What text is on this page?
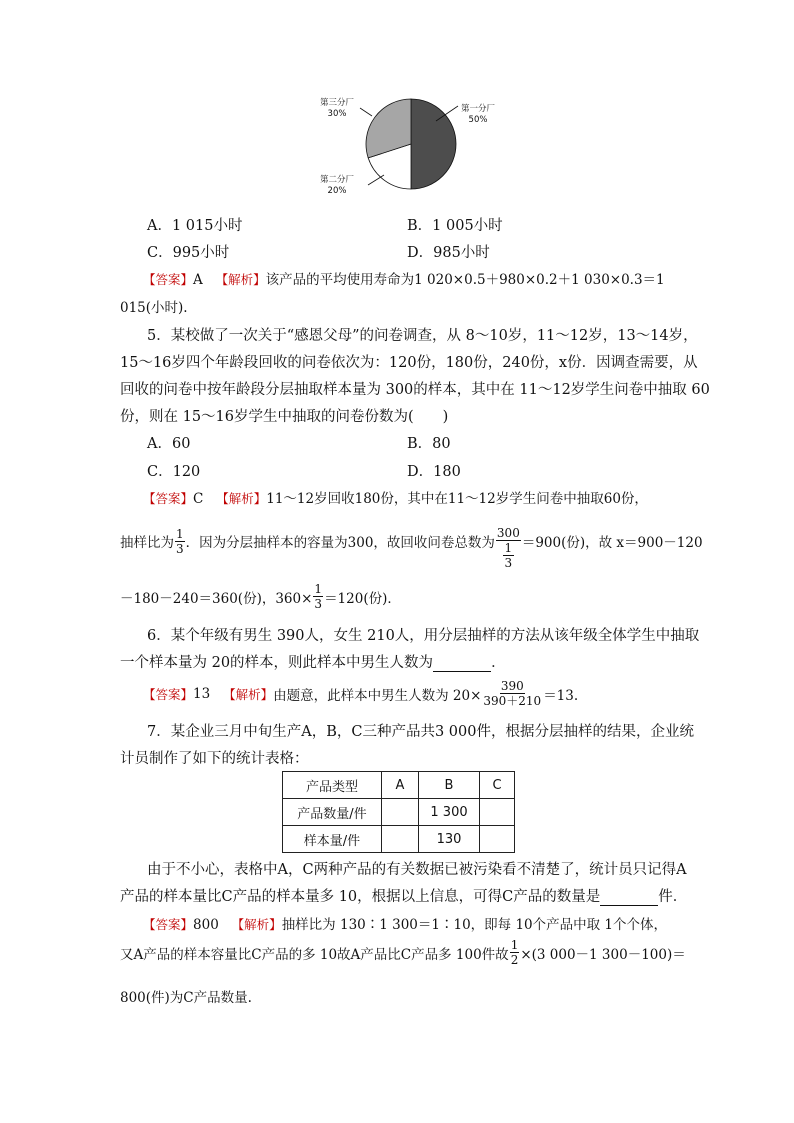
第一分厂
50%
第三分厂
30%
第二分厂
20%
A．1 015小时	B．1 005小时
C．995小时	D．985小时
【答案】A 【解析】该产品的平均使用寿命为1 020×0.5＋980×0.2＋1 030×0.3＝1
015(小时).
5．某校做了一次关于“感恩父母”的问卷调查，从 8～10岁，11～12岁，13～14岁，
15～16岁四个年龄段回收的问卷依次为：120份，180份，240份，x份．因调查需要，从
回收的问卷中按年龄段分层抽取样本量为 300的样本，其中在 11～12岁学生问卷中抽取 60
份，则在 15～16岁学生中抽取的问卷份数为(　　)
A．60	B．80
C．120	D．180
【答案】C 【解析】11～12岁回收180份，其中在11～12岁学生问卷中抽取60份，
抽样比为 $\frac{1}{3}$ ．因为分层抽样本的容量为300，故回收问卷总数为 $\frac{300}{\frac{1}{3}} =900$(份)，故 x＝900－120
－180－240＝360(份)，$360\times \frac{1}{3} =120$(份)．
6．某个年级有男生 390人，女生 210人，用分层抽样的方法从该年级全体学生中抽取
一个样本量为 20的样本，则此样本中男生人数为	．
【答案】 13
【解析】 由题意，此样本中男生人数为 $20\times \frac{390}{390+210} =13$.
7．某企业三月中旬生产A，B，C三种产品共3 000件，根据分层抽样的结果，企业统
计员制作了如下的统计表格：
产品类型	A	B	C
产品数量/件		1 300	
样本量/件		130	
由于不小心，表格中A，C两种产品的有关数据已被污染看不清楚了，统计员只记得A
产品的样本量比C产品的样本量多 10，根据以上信息，可得C产品的数量是	件．
【答案】800 【解析】抽样比为 130∶1 300＝1∶10，即每 10个产品中取 1个个体，
又A产品的样本容量比C产品的多 10故A产品比C产品多 100件故 $\frac{1}{2} \times(3$ 000－1 300－100)＝
800(件)为C产品数量.
